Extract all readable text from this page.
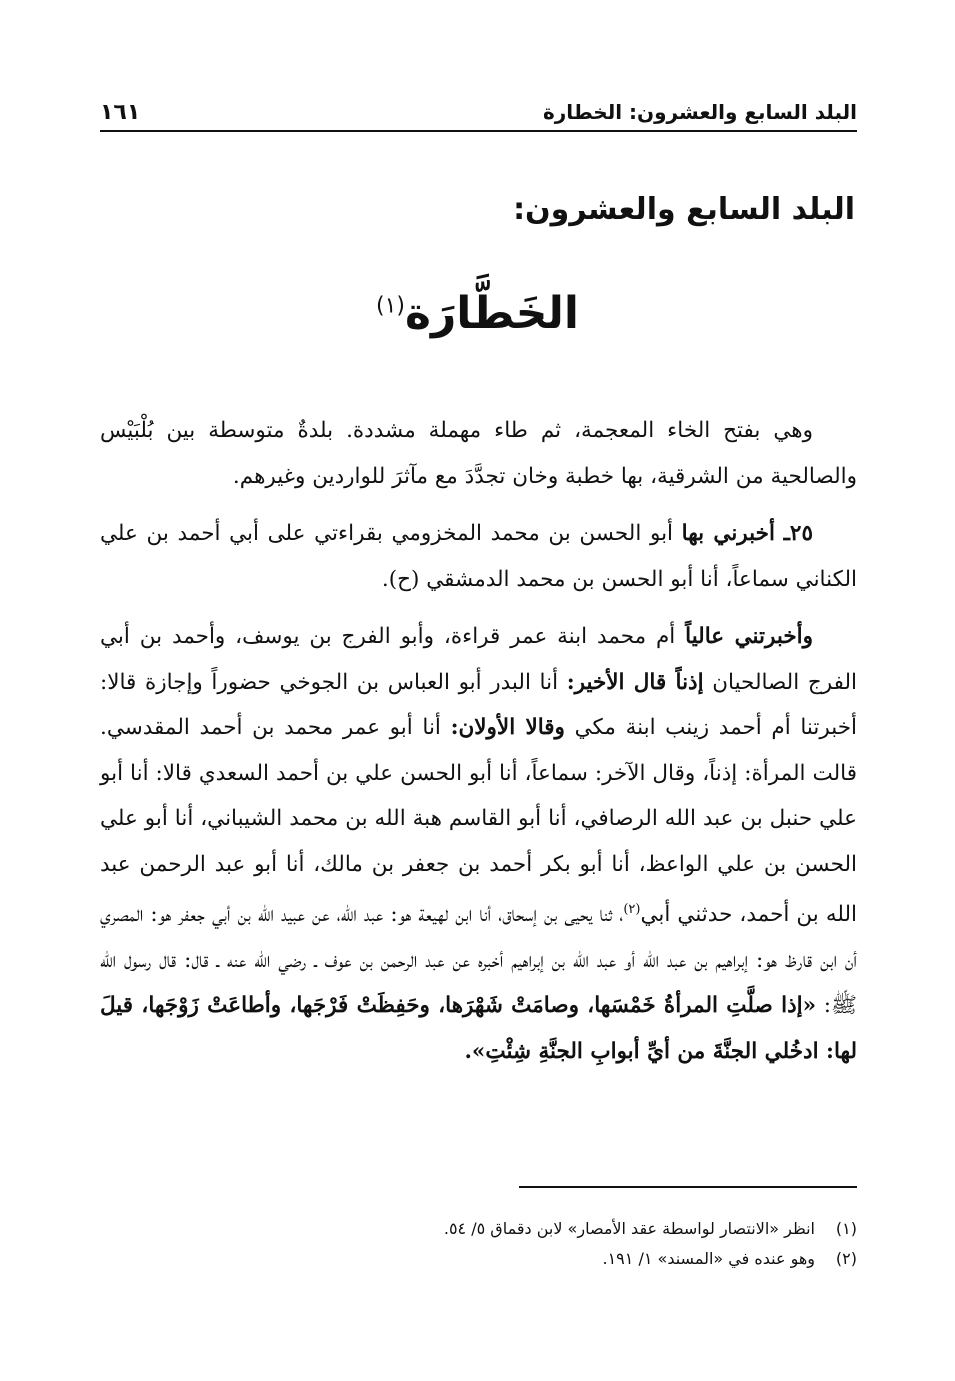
البلد السابع والعشرون: الخطارة
١٦١
البلد السابع والعشرون:
الخَطَّارَة$^{(١)}$

وهي بفتح الخاء المعجمة، ثم طاء مهملة مشددة. بلدةٌ متوسطة بين بُلْبَيْس والصالحية من الشرقية، بها خطبة وخان تجدَّدَ مع مآثرَ للواردين وغيرهم.

٢٥ـ أخبرني بها أبو الحسن بن محمد المخزومي بقراءتي على أبي أحمد بن علي الكناني سماعاً، أنا أبو الحسن بن محمد الدمشقي (ح).

وأخبرتني عالياً أم محمد ابنة عمر قراءة، وأبو الفرج بن يوسف، وأحمد بن أبي الفرج الصالحيان إذناً قال الأخير: أنا البدر أبو العباس بن الجوخي حضوراً وإجازة قالا: أخبرتنا أم أحمد زينب ابنة مكي وقالا الأولان: أنا أبو عمر محمد بن أحمد المقدسي. قالت المرأة: إذناً، وقال الآخر: سماعاً، أنا أبو الحسن علي بن أحمد السعدي قالا: أنا أبو علي حنبل بن عبد الله الرصافي، أنا أبو القاسم هبة الله بن محمد الشيباني، أنا أبو علي الحسن بن علي الواعظ، أنا أبو بكر أحمد بن جعفر بن مالك، أنا أبو عبد الرحمن عبد الله بن أحمد، حدثني أبي$^{(٢)}$، ثنا يحيى بن إسحاق، أنا ابن لهيعة هو: عبد الله، عن عبيد الله بن أبي جعفر هو: المصري أن ابن قارظ هو: إبراهيم بن عبد الله أو عبد الله بن إبراهيم أخبره عن عبد الرحمن بن عوف ـ رضي الله عنه ـ قال: قال رسول الله ﷺ: «إذا صلَّتِ المرأةُ خَمْسَها، وصامَتْ شَهْرَها، وحَفِظَتْ فَرْجَها، وأطاعَتْ زَوْجَها، قيلَ لها: ادخُلي الجنَّةَ من أيِّ أبوابِ الجنَّةِ شِئْتِ».

(١)
انظر «الانتصار لواسطة عقد الأمصار» لابن دقماق ٥/ ٥٤.
(٢)
وهو عنده في «المسند» ١/ ١٩١.
